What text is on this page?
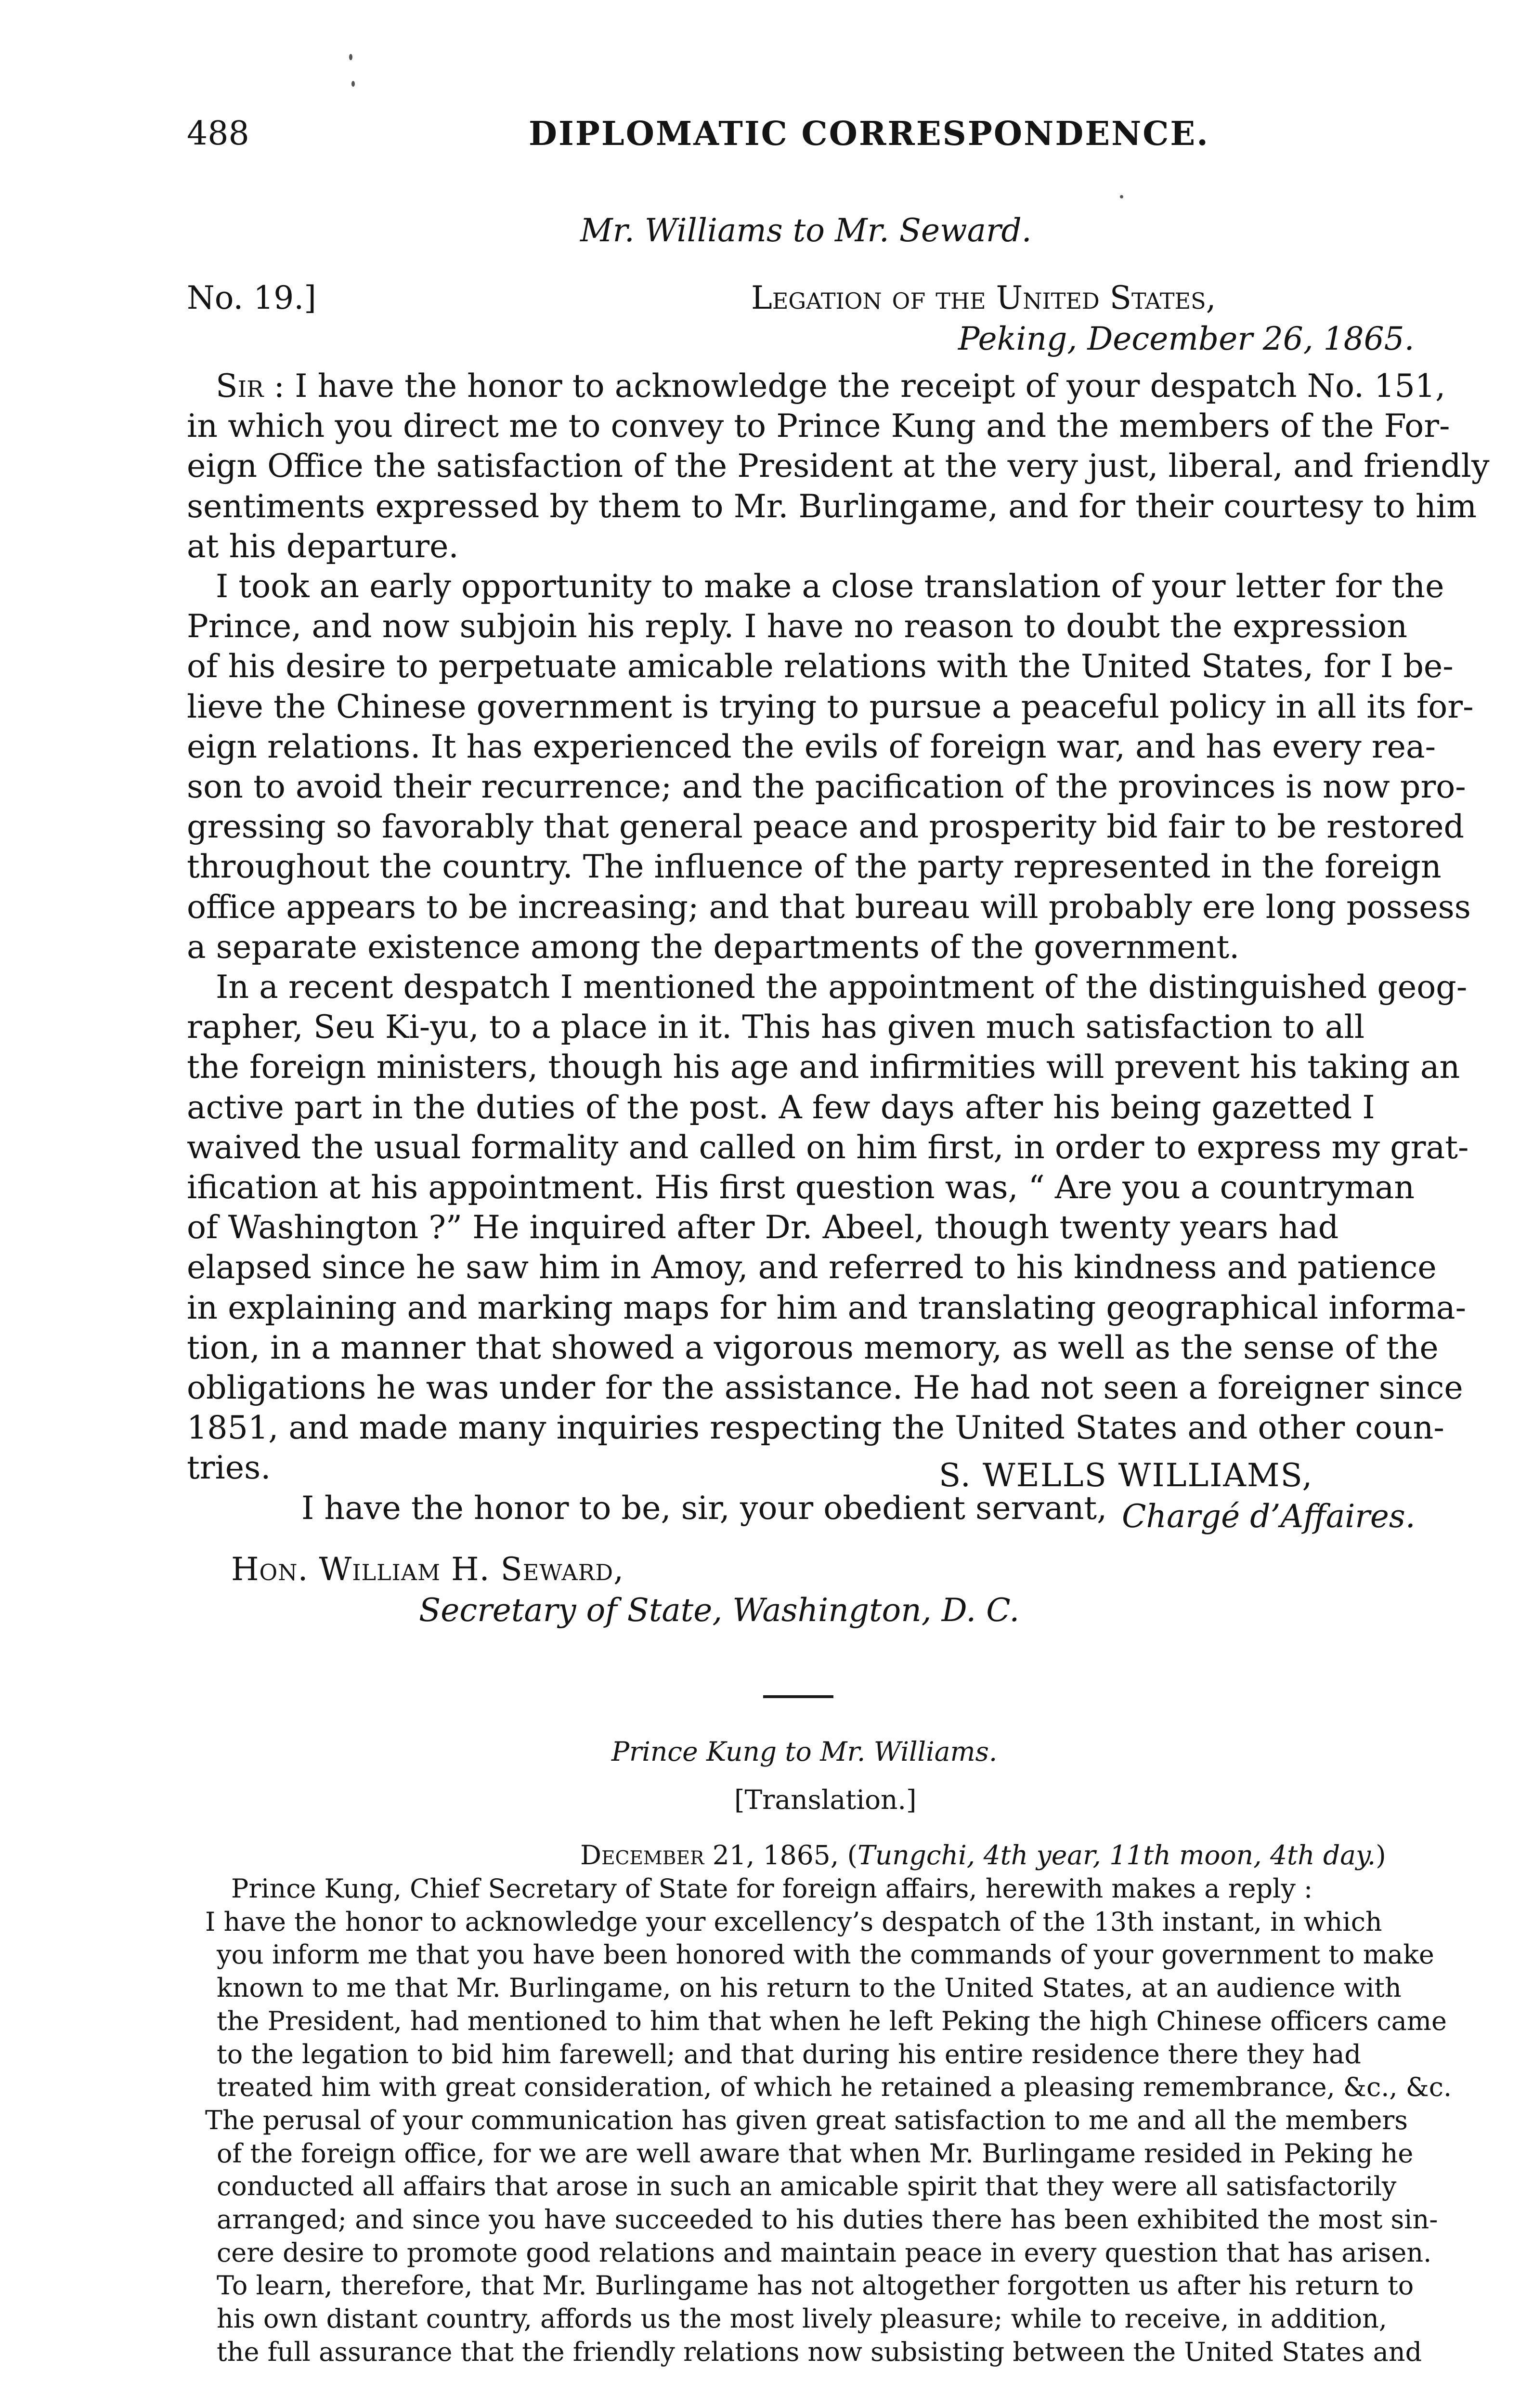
488	DIPLOMATIC CORRESPONDENCE.
Mr. Williams to Mr. Seward.
No. 19.]	Legation of the United States,
Peking, December 26, 1865.
Sir : I have the honor to acknowledge the receipt of your despatch No. 151,
in which you direct me to convey to Prince Kung and the members of the For-
eign Office the satisfaction of the President at the very just, liberal, and friendly
sentiments expressed by them to Mr. Burlingame, and for their courtesy to him
at his departure.
I took an early opportunity to make a close translation of your letter for the
Prince, and now subjoin his reply. I have no reason to doubt the expression
of his desire to perpetuate amicable relations with the United States, for I be-
lieve the Chinese government is trying to pursue a peaceful policy in all its for-
eign relations. It has experienced the evils of foreign war, and has every rea-
son to avoid their recurrence; and the pacification of the provinces is now pro-
gressing so favorably that general peace and prosperity bid fair to be restored
throughout the country. The influence of the party represented in the foreign
office appears to be increasing; and that bureau will probably ere long possess
a separate existence among the departments of the government.
In a recent despatch I mentioned the appointment of the distinguished geog-
rapher, Seu Ki-yu, to a place in it. This has given much satisfaction to all
the foreign ministers, though his age and infirmities will prevent his taking an
active part in the duties of the post. A few days after his being gazetted I
waived the usual formality and called on him first, in order to express my grat-
ification at his appointment. His first question was, “ Are you a countryman
of Washington ?” He inquired after Dr. Abeel, though twenty years had
elapsed since he saw him in Amoy, and referred to his kindness and patience
in explaining and marking maps for him and translating geographical informa-
tion, in a manner that showed a vigorous memory, as well as the sense of the
obligations he was under for the assistance. He had not seen a foreigner since
1851, and made many inquiries respecting the United States and other coun-
tries.
I have the honor to be, sir, your obedient servant,
S. WELLS WILLIAMS,
Chargé d’Affaires.
Hon. William H. Seward,
Secretary of State, Washington, D. C.
Prince Kung to Mr. Williams.
[Translation.]
December 21, 1865, (Tungchi, 4th year, 11th moon, 4th day.)
Prince Kung, Chief Secretary of State for foreign affairs, herewith makes a reply :
I have the honor to acknowledge your excellency’s despatch of the 13th instant, in which
you inform me that you have been honored with the commands of your government to make
known to me that Mr. Burlingame, on his return to the United States, at an audience with
the President, had mentioned to him that when he left Peking the high Chinese officers came
to the legation to bid him farewell; and that during his entire residence there they had
treated him with great consideration, of which he retained a pleasing remembrance, &c., &c.
The perusal of your communication has given great satisfaction to me and all the members
of the foreign office, for we are well aware that when Mr. Burlingame resided in Peking he
conducted all affairs that arose in such an amicable spirit that they were all satisfactorily
arranged; and since you have succeeded to his duties there has been exhibited the most sin-
cere desire to promote good relations and maintain peace in every question that has arisen.
To learn, therefore, that Mr. Burlingame has not altogether forgotten us after his return to
his own distant country, affords us the most lively pleasure; while to receive, in addition,
the full assurance that the friendly relations now subsisting between the United States and
